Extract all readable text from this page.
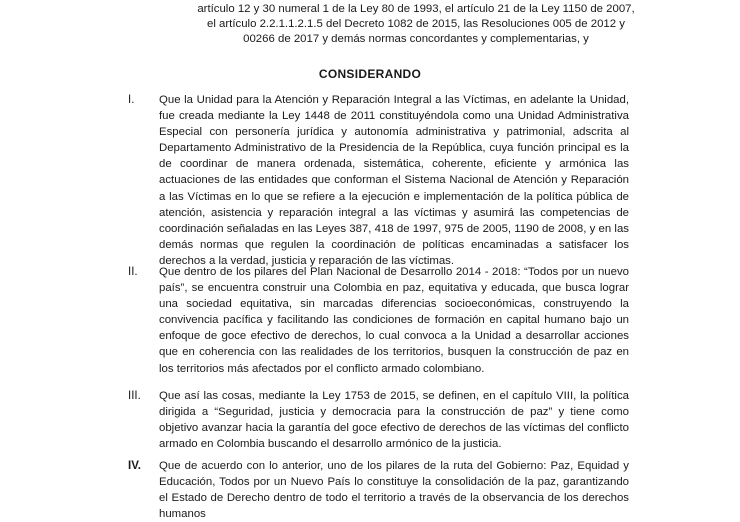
artículo 12 y 30 numeral 1 de la Ley 80 de 1993, el artículo 21 de la Ley 1150 de 2007, el artículo 2.2.1.1.2.1.5 del Decreto 1082 de 2015, las Resoluciones 005 de 2012 y 00266 de 2017 y demás normas concordantes y complementarias, y

CONSIDERANDO

I. Que la Unidad para la Atención y Reparación Integral a las Víctimas, en adelante la Unidad, fue creada mediante la Ley 1448 de 2011 constituyéndola como una Unidad Administrativa Especial con personería jurídica y autonomía administrativa y patrimonial, adscrita al Departamento Administrativo de la Presidencia de la República, cuya función principal es la de coordinar de manera ordenada, sistemática, coherente, eficiente y armónica las actuaciones de las entidades que conforman el Sistema Nacional de Atención y Reparación a las Víctimas en lo que se refiere a la ejecución e implementación de la política pública de atención, asistencia y reparación integral a las víctimas y asumirá las competencias de coordinación señaladas en las Leyes 387, 418 de 1997, 975 de 2005, 1190 de 2008, y en las demás normas que regulen la coordinación de políticas encaminadas a satisfacer los derechos a la verdad, justicia y reparación de las víctimas.

II. Que dentro de los pilares del Plan Nacional de Desarrollo 2014 - 2018: “Todos por un nuevo país”, se encuentra construir una Colombia en paz, equitativa y educada, que busca lograr una sociedad equitativa, sin marcadas diferencias socioeconómicas, construyendo la convivencia pacífica y facilitando las condiciones de formación en capital humano bajo un enfoque de goce efectivo de derechos, lo cual convoca a la Unidad a desarrollar acciones que en coherencia con las realidades de los territorios, busquen la construcción de paz en los territorios más afectados por el conflicto armado colombiano.

III. Que así las cosas, mediante la Ley 1753 de 2015, se definen, en el capítulo VIII, la política dirigida a “Seguridad, justicia y democracia para la construcción de paz” y tiene como objetivo avanzar hacia la garantía del goce efectivo de derechos de las víctimas del conflicto armado en Colombia buscando el desarrollo armónico de la justicia.

IV. Que de acuerdo con lo anterior, uno de los pilares de la ruta del Gobierno: Paz, Equidad y Educación, Todos por un Nuevo País lo constituye la consolidación de la paz, garantizando el Estado de Derecho dentro de todo el territorio a través de la observancia de los derechos humanos
